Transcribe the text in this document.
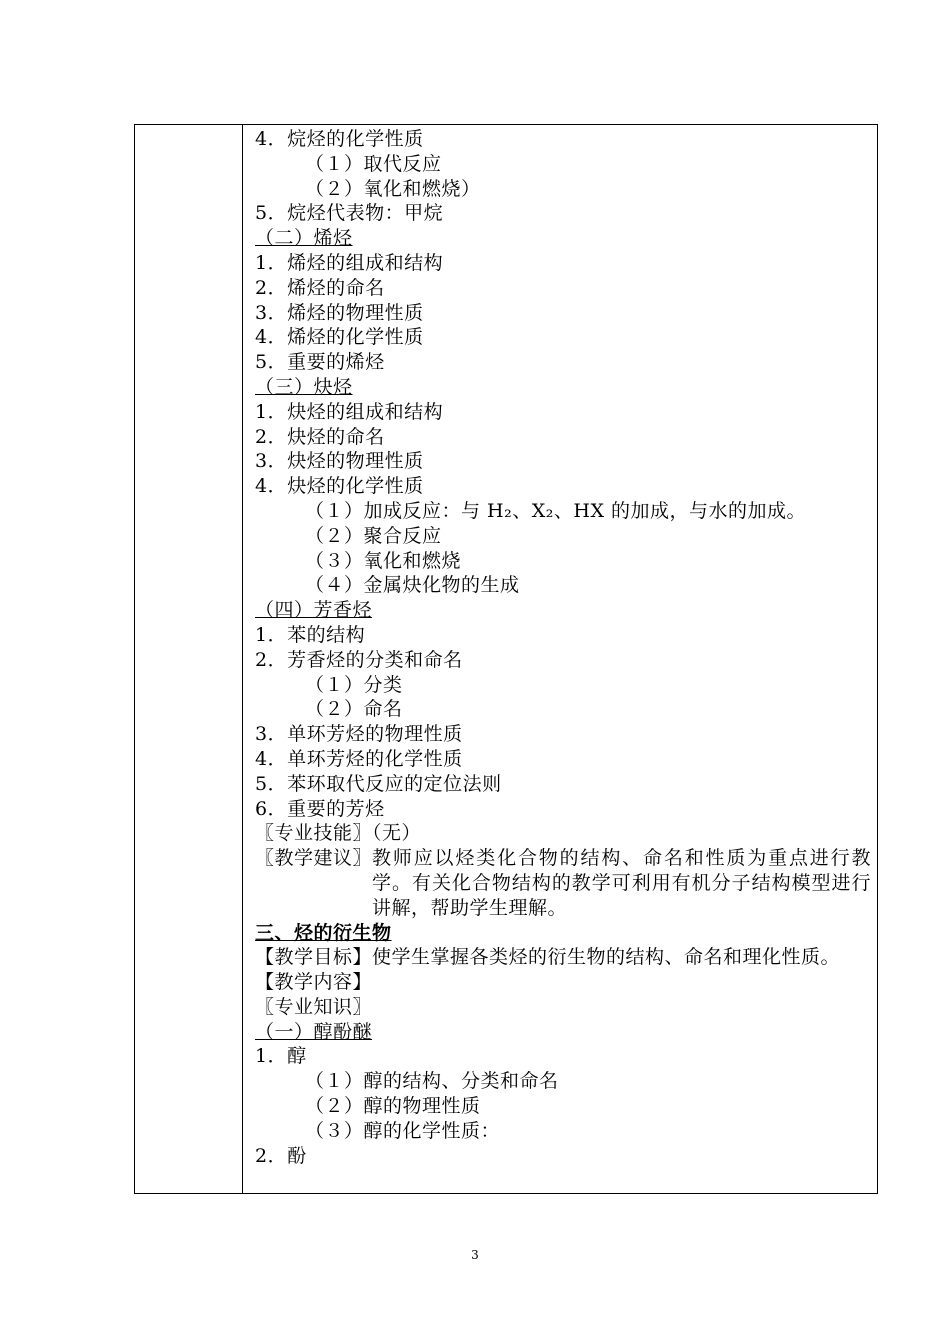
4．烷烃的化学性质
（１）取代反应
（２）氧化和燃烧）
5．烷烃代表物：甲烷
（二）烯烃
1．烯烃的组成和结构
2．烯烃的命名
3．烯烃的物理性质
4．烯烃的化学性质
5．重要的烯烃
（三）炔烃
1．炔烃的组成和结构
2．炔烃的命名
3．炔烃的物理性质
4．炔烃的化学性质
（１）加成反应：与 H₂、X₂、HX 的加成，与水的加成。
（２）聚合反应
（３）氧化和燃烧
（４）金属炔化物的生成
（四）芳香烃
1．苯的结构
2．芳香烃的分类和命名
（１）分类
（２）命名
3．单环芳烃的物理性质
4．单环芳烃的化学性质
5．苯环取代反应的定位法则
6．重要的芳烃
〖专业技能〗（无）
〖教学建议〗 教师应以烃类化合物的结构、命名和性质为重点进行教学。有关化合物结构的教学可利用有机分子结构模型进行讲解，帮助学生理解。
三、烃的衍生物
【教学目标】 使学生掌握各类烃的衍生物的结构、命名和理化性质。
【教学内容】
〖专业知识〗
（一）醇酚醚
1．醇
（１）醇的结构、分类和命名
（２）醇的物理性质
（３）醇的化学性质：
2．酚
3
